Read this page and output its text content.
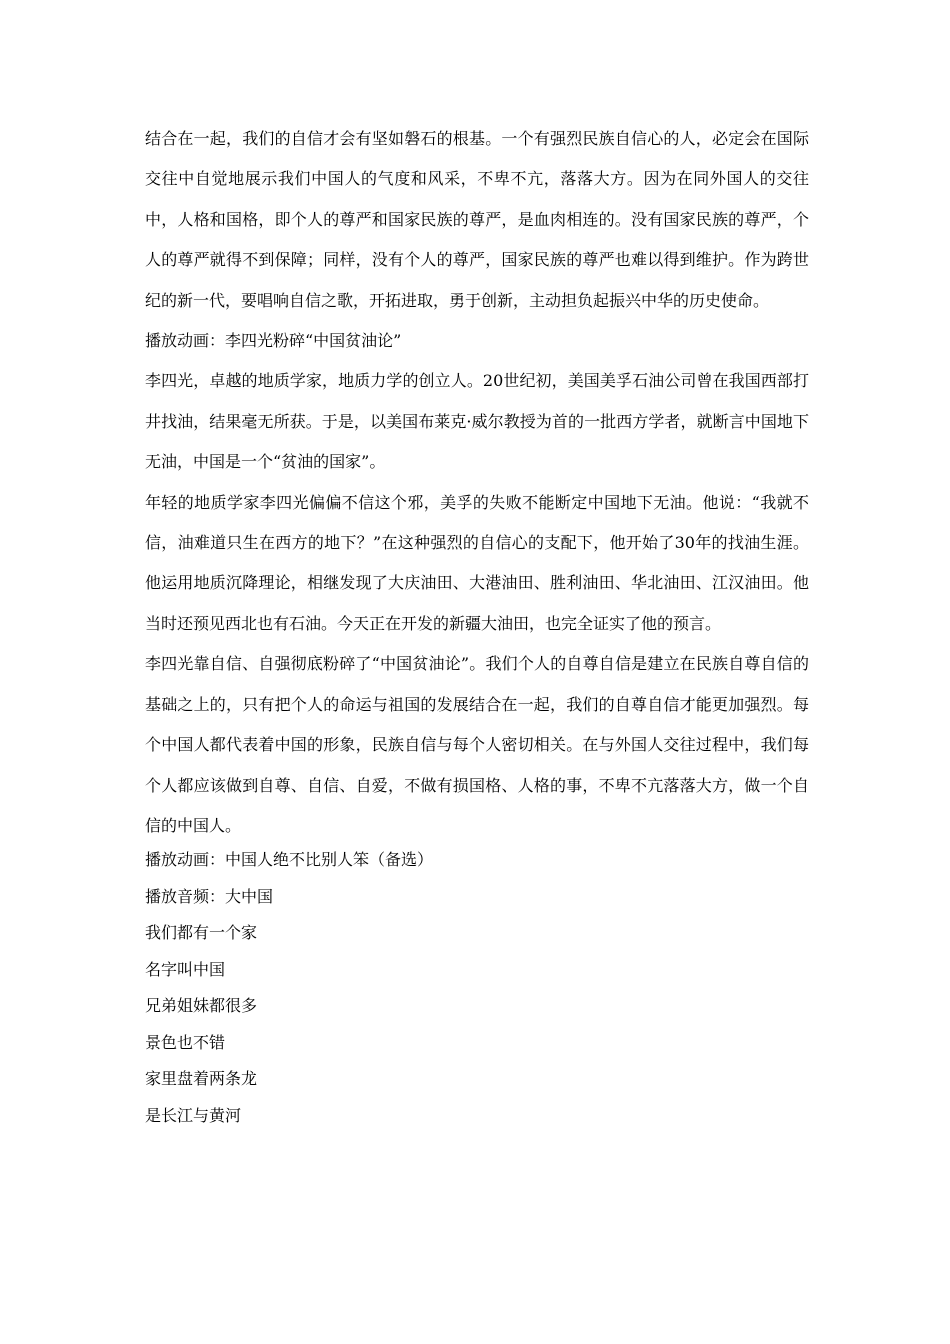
结合在一起，我们的自信才会有坚如磐石的根基。一个有强烈民族自信心的人，必定会在国际交往中自觉地展示我们中国人的气度和风采，不卑不亢，落落大方。因为在同外国人的交往中，人格和国格，即个人的尊严和国家民族的尊严，是血肉相连的。没有国家民族的尊严，个人的尊严就得不到保障；同样，没有个人的尊严，国家民族的尊严也难以得到维护。作为跨世纪的新一代，要唱响自信之歌，开拓进取，勇于创新，主动担负起振兴中华的历史使命。

播放动画：李四光粉碎“中国贫油论”

李四光，卓越的地质学家，地质力学的创立人。20世纪初，美国美孚石油公司曾在我国西部打井找油，结果毫无所获。于是，以美国布莱克·威尔教授为首的一批西方学者，就断言中国地下无油，中国是一个“贫油的国家”。

年轻的地质学家李四光偏偏不信这个邪，美孚的失败不能断定中国地下无油。他说：“我就不信，油难道只生在西方的地下？”在这种强烈的自信心的支配下，他开始了30年的找油生涯。他运用地质沉降理论，相继发现了大庆油田、大港油田、胜利油田、华北油田、江汉油田。他当时还预见西北也有石油。今天正在开发的新疆大油田，也完全证实了他的预言。

李四光靠自信、自强彻底粉碎了“中国贫油论”。我们个人的自尊自信是建立在民族自尊自信的基础之上的，只有把个人的命运与祖国的发展结合在一起，我们的自尊自信才能更加强烈。每个中国人都代表着中国的形象，民族自信与每个人密切相关。在与外国人交往过程中，我们每个人都应该做到自尊、自信、自爱，不做有损国格、人格的事，不卑不亢落落大方，做一个自信的中国人。

播放动画：中国人绝不比别人笨（备选）

播放音频：大中国

我们都有一个家

名字叫中国

兄弟姐妹都很多

景色也不错

家里盘着两条龙

是长江与黄河
